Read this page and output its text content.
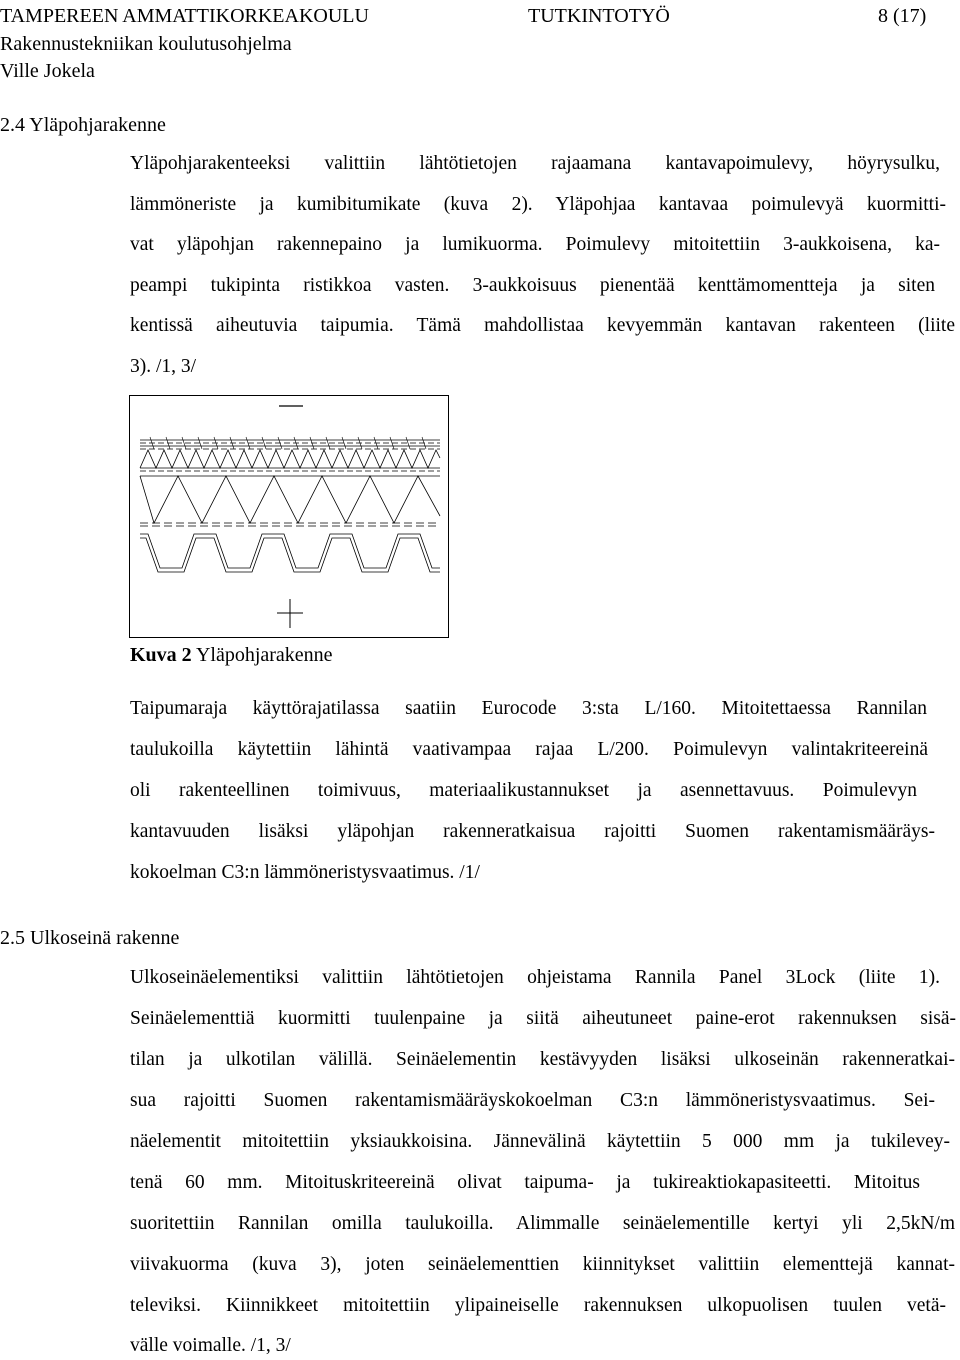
TAMPEREEN AMMATTIKORKEAKOULU	TUTKINTOTYÖ	8 (17)
Rakennustekniikan koulutusohjelma
Ville Jokela
2.4 Yläpohjarakenne
Yläpohjarakenteeksi valittiin lähtötietojen rajaamana kantavapoimulevy, höyrysulku,
lämmöneriste ja kumibitumikate (kuva 2). Yläpohjaa kantavaa poimulevyä kuormitti-
vat yläpohjan rakennepaino ja lumikuorma. Poimulevy mitoitettiin 3-aukkoisena, ka-
peampi tukipinta ristikkoa vasten. 3-aukkoisuus pienentää kenttämomentteja ja siten
kentissä aiheutuvia taipumia. Tämä mahdollistaa kevyemmän kantavan rakenteen (liite
3). /1, 3/
Kuva 2 Yläpohjarakenne
Taipumaraja käyttörajatilassa saatiin Eurocode 3:sta L/160. Mitoitettaessa Rannilan
taulukoilla käytettiin lähintä vaativampaa rajaa L/200. Poimulevyn valintakriteereinä
oli rakenteellinen toimivuus, materiaalikustannukset ja asennettavuus. Poimulevyn
kantavuuden lisäksi yläpohjan rakenneratkaisua rajoitti Suomen rakentamismääräys-
kokoelman C3:n lämmöneristysvaatimus. /1/
2.5 Ulkoseinä rakenne
Ulkoseinäelementiksi valittiin lähtötietojen ohjeistama Rannila Panel 3Lock (liite 1).
Seinäelementtiä kuormitti tuulenpaine ja siitä aiheutuneet paine-erot rakennuksen sisä-
tilan ja ulkotilan välillä. Seinäelementin kestävyyden lisäksi ulkoseinän rakenneratkai-
sua rajoitti Suomen rakentamismääräyskokoelman C3:n lämmöneristysvaatimus. Sei-
näelementit mitoitettiin yksiaukkoisina. Jännevälinä käytettiin 5 000 mm ja tukilevey-
tenä 60 mm. Mitoituskriteereinä olivat taipuma- ja tukireaktiokapasiteetti. Mitoitus
suoritettiin Rannilan omilla taulukoilla. Alimmalle seinäelementille kertyi yli 2,5kN/m
viivakuorma (kuva 3), joten seinäelementtien kiinnitykset valittiin elementtejä kannat-
televiksi. Kiinnikkeet mitoitettiin ylipaineiselle rakennuksen ulkopuolisen tuulen vetä-
välle voimalle. /1, 3/
